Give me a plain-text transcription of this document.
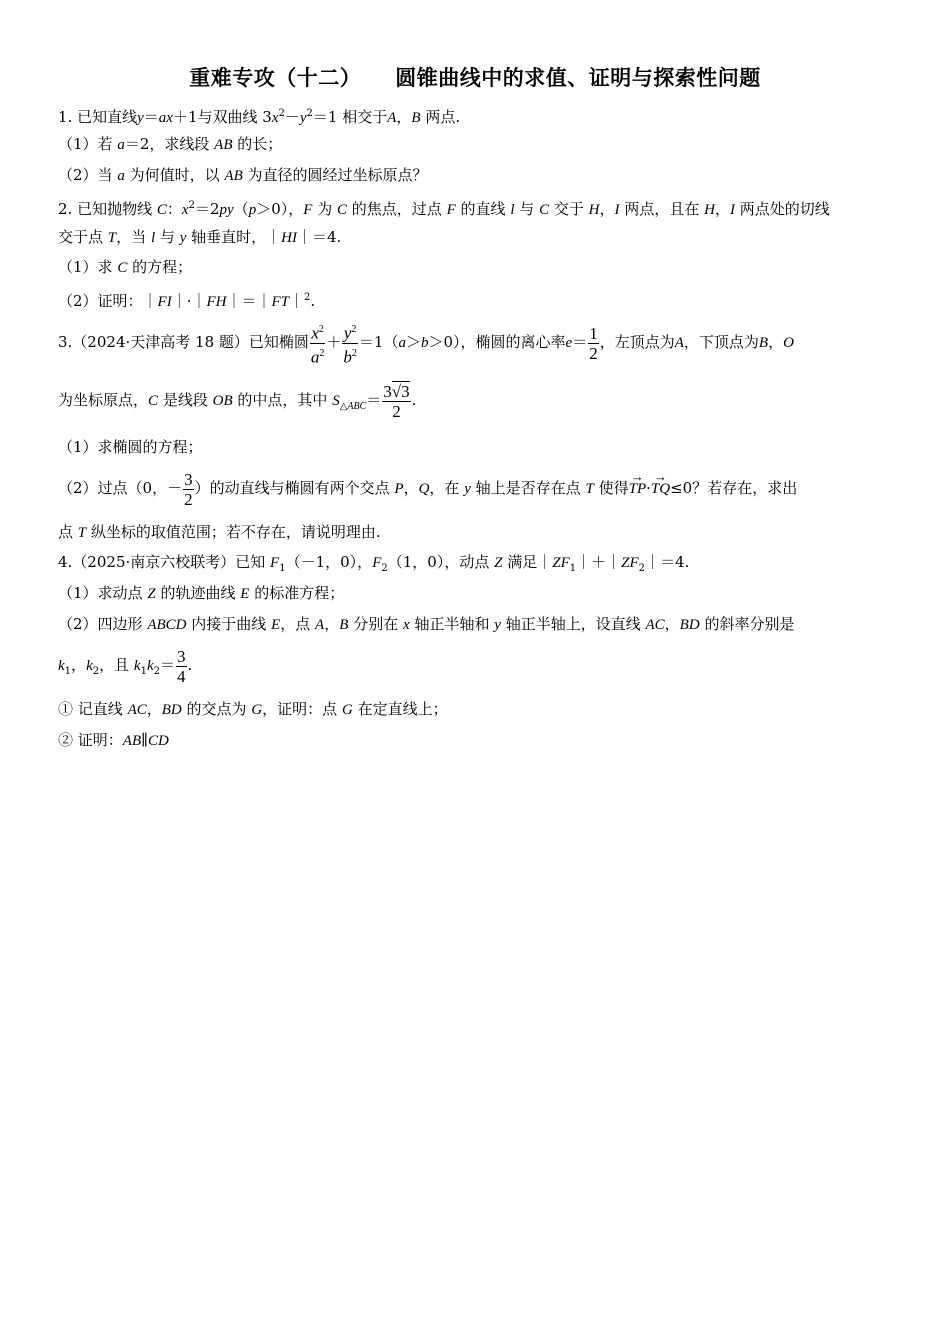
重难专攻（十二） 圆锥曲线中的求值、证明与探索性问题
1. 已知直线y＝ax＋1与双曲线 $3x^2-y^2=1$ 相交于A，B 两点.
（1）若 a＝2，求线段 AB 的长；
（2）当 a 为何值时，以 AB 为直径的圆经过坐标原点？
2. 已知抛物线 C：$x^2=2py(p>0)$，F 为 C 的焦点，过点 F 的直线 l 与 C 交于 H，I 两点，且在 H，I 两点处的切线
交于点 T，当 l 与 y 轴垂直时，｜HI｜＝4.
（1）求 C 的方程；
（2）证明：｜FI｜·｜FH｜＝｜FT｜$^2$.
3.（2024·天津高考 18 题）已知椭圆 $\frac{x^2}{a^2} + \frac{y^2}{b^2} =1(a>b>0)$，椭圆的离心率$e= \frac{1}{2}$ ，左顶点为A，下顶点为B，O
为坐标原点，C 是线段 OB 的中点，其中 $S_{\triangle ABC}= \frac{3√3}{2}$ .
（1）求椭圆的方程；
（2）过点（0，－ $\frac{3}{2}$ ）的动直线与椭圆有两个交点 P，Q，在 y 轴上是否存在点 T 使得→ TP·→ TQ≤0？若存在，求出
点 T 纵坐标的取值范围；若不存在，请说明理由.
4.（2025·南京六校联考）已知 $F_1(-1$，0），$F_2(1$，0），动点 Z 满足$|ZF_1|+|ZF_2|=4$.
（1）求动点 Z 的轨迹曲线 E 的标准方程；
（2）四边形 ABCD 内接于曲线 E，点 A，B 分别在 x 轴正半轴和 y 轴正半轴上，设直线 AC，BD 的斜率分别是
$k_1$，$k_2$，且 $k_1k_2= \frac{3}{4}$ .
① 记直线 AC，BD 的交点为 G，证明：点 G 在定直线上；
② 证明：AB∥CD
